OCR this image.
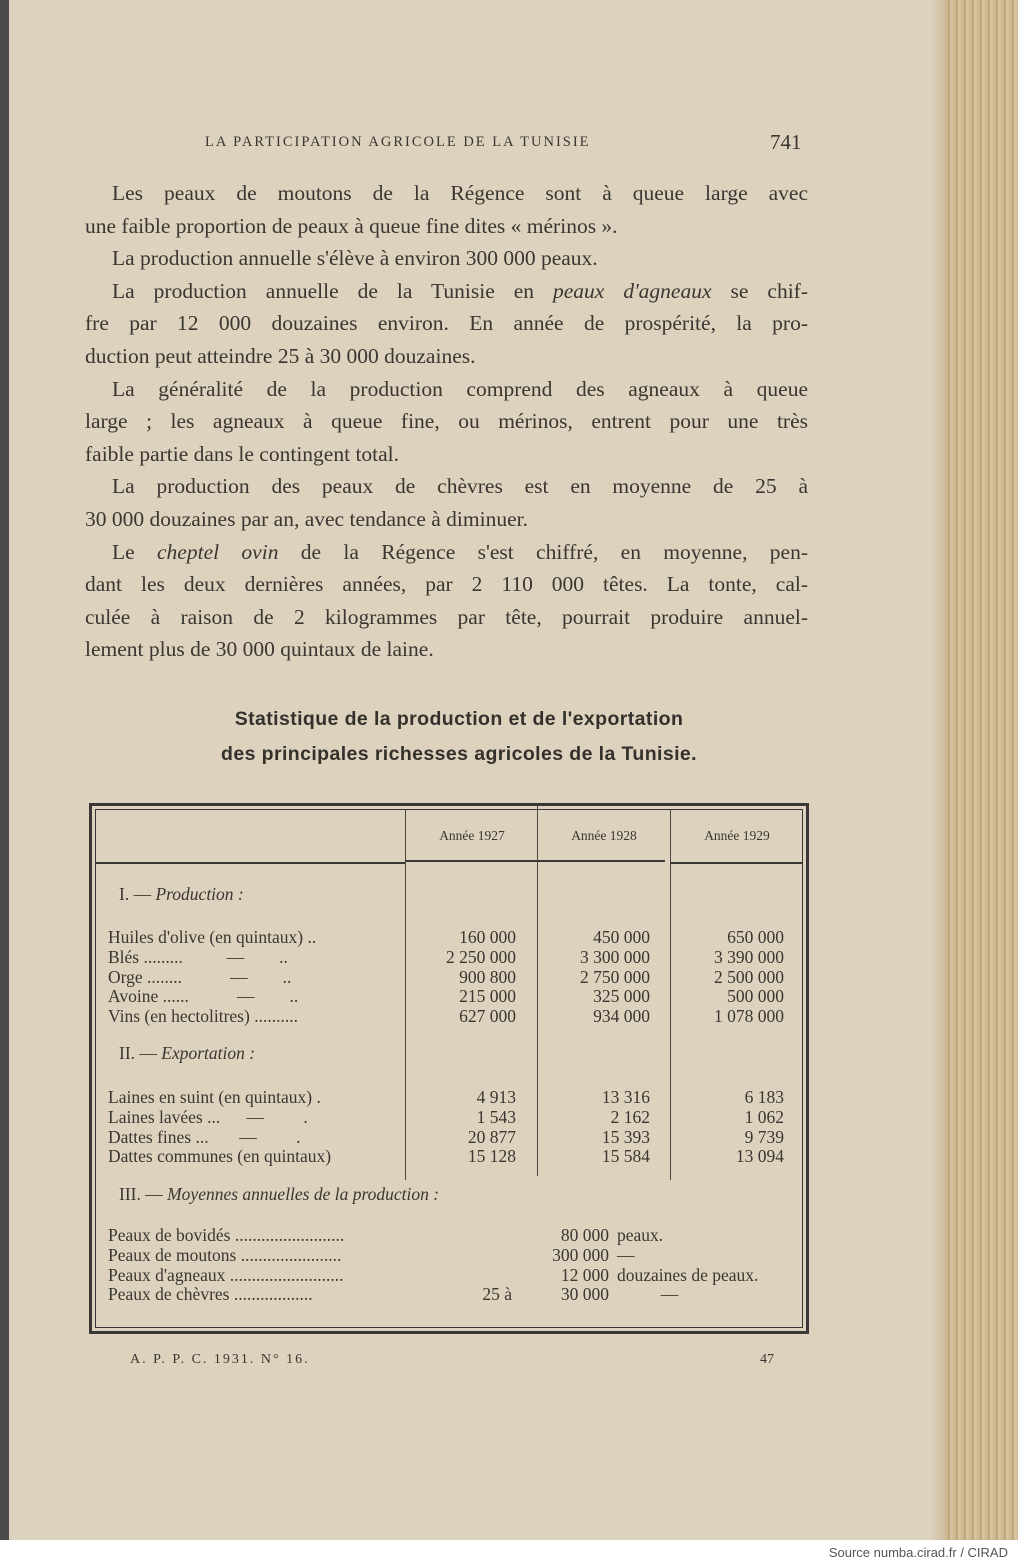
LA PARTICIPATION AGRICOLE DE LA TUNISIE	741
Les peaux de moutons de la Régence sont à queue large avec
une faible proportion de peaux à queue fine dites « mérinos ».
La production annuelle s'élève à environ 300 000 peaux.
La production annuelle de la Tunisie en peaux d'agneaux se chif-
fre par 12 000 douzaines environ. En année de prospérité, la pro-
duction peut atteindre 25 à 30 000 douzaines.
La généralité de la production comprend des agneaux à queue
large ; les agneaux à queue fine, ou mérinos, entrent pour une très
faible partie dans le contingent total.
La production des peaux de chèvres est en moyenne de 25 à
30 000 douzaines par an, avec tendance à diminuer.
Le cheptel ovin de la Régence s'est chiffré, en moyenne, pen-
dant les deux dernières années, par 2 110 000 têtes. La tonte, cal-
culée à raison de 2 kilogrammes par tête, pourrait produire annuel-
lement plus de 30 000 quintaux de laine.
Statistique de la production et de l'exportation
des principales richesses agricoles de la Tunisie.
Année 1927	Année 1928	Année 1929
I. — Production :
Huiles d'olive (en quintaux) ..	160 000	450 000	650 000
Blés .........          —        ..	2 250 000	3 300 000	3 390 000
Orge ........           —        ..	900 800	2 750 000	2 500 000
Avoine ......           —        ..	215 000	325 000	500 000
Vins (en hectolitres) ..........	627 000	934 000	1 078 000
II. — Exportation :
Laines en suint (en quintaux) .	4 913	13 316	6 183
Laines lavées ...      —         .	1 543	2 162	1 062
Dattes fines ...       —         .	20 877	15 393	9 739
Dattes communes (en quintaux)	15 128	15 584	13 094
III. — Moyennes annuelles de la production :
Peaux de bovidés .........................	80 000 peaux.
Peaux de moutons .......................	300 000 —
Peaux d'agneaux ..........................	12 000 douzaines de peaux.
Peaux de chèvres ..................	25 à	30 000 —
A. P. P. C. 1931. N° 16.	47
Source numba.cirad.fr / CIRAD
